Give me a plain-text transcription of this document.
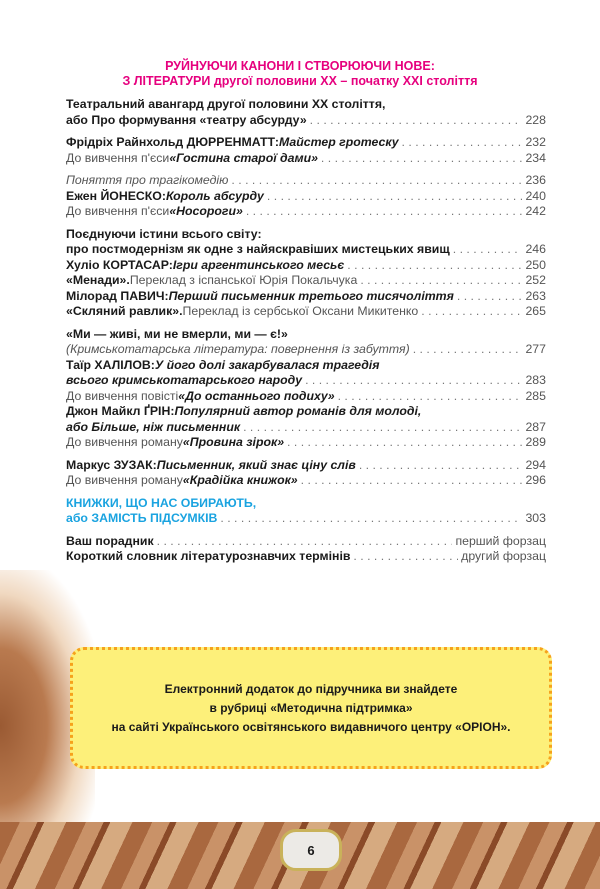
РУЙНУЮЧИ КАНОНИ І СТВОРЮЮЧИ НОВЕ:
З ЛІТЕРАТУРИ другої половини ХХ – початку ХХІ століття
Театральний авангард другої половини ХХ століття,
або Про формування «театру абсурду» . . .	228
Фрідріх Райнхольд ДЮРРЕНМАТТ: Майстер гротеску . . .	232
До вивчення п'єси «Гостина старої дами» . . .	234
Поняття про трагікомедію . . .	236
Ежен ЙОНЕСКО: Король абсурду . . .	240
До вивчення п'єси «Носороги» . . .	242
Поєднуючи істини всього світу:
про постмодернізм як одне з найяскравіших мистецьких явищ . . .	246
Хуліо КОРТАСАР: Ігри аргентинського месьє . . .	250
«Менади». Переклад з іспанської Юрія Покальчука . . .	252
Мілорад ПАВИЧ: Перший письменник третього тисячоліття . . .	263
«Скляний равлик». Переклад із сербської Оксани Микитенко . . .	265
«Ми — живі, ми не вмерли, ми — є!»
(Кримськотатарська література: повернення із забуття) . . .	277
Таїр ХАЛІЛОВ: У його долі закарбувалася трагедія
всього кримськотатарського народу . . .	283
До вивчення повісті «До останнього подиху» . . .	285
Джон Майкл ҐРІН: Популярний автор романів для молоді,
або Більше, ніж письменник . . .	287
До вивчення роману «Провина зірок» . . .	289
Маркус ЗУЗАК: Письменник, який знає ціну слів . . .	294
До вивчення роману «Крадійка книжок» . . .	296
КНИЖКИ, ЩО НАС ОБИРАЮТЬ,
або ЗАМІСТЬ ПІДСУМКІВ . . .	303
Ваш порадник . . .	перший форзац
Короткий словник літературознавчих термінів . . .	другий форзац
Електронний додаток до підручника ви знайдете
в рубриці «Методична підтримка»
на сайті Українського освітянського видавничого центру «ОРІОН».
6
